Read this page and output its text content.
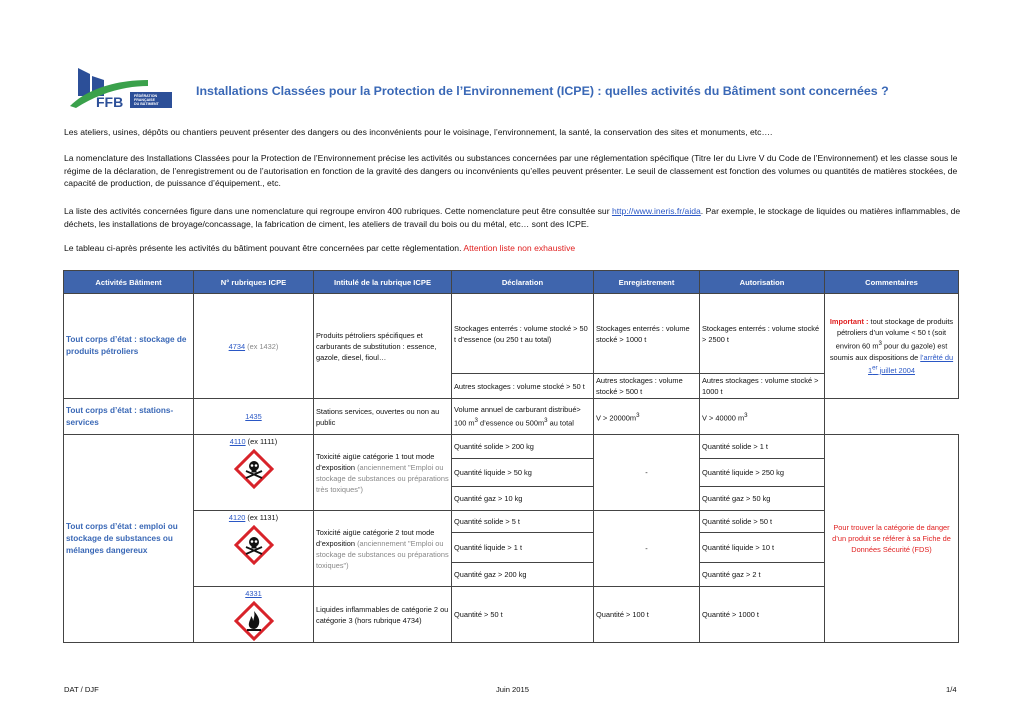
FFB	FÉDÉRATION
FRANÇAISE
DU BÂTIMENT
Installations Classées pour la Protection de l’Environnement (ICPE) : quelles activités du Bâtiment sont concernées ?
Les ateliers, usines, dépôts ou chantiers peuvent présenter des dangers ou des inconvénients pour le voisinage, l’environnement, la santé, la conservation des sites et monuments, etc….
La nomenclature des Installations Classées pour la Protection de l’Environnement précise les activités ou substances concernées par une réglementation spécifique (Titre Ier du Livre V du Code de l’Environnement) et les classe sous le régime de la déclaration, de l’enregistrement ou de l’autorisation en fonction de la gravité des dangers ou inconvénients qu’elles peuvent présenter. Le seuil de classement est fonction des volumes ou quantités de matières stockées, de capacité de production, de puissance d’équipement., etc.
La liste des activités concernées figure dans une nomenclature qui regroupe environ 400 rubriques. Cette nomenclature peut être consultée sur http://www.ineris.fr/aida. Par exemple, le stockage de liquides ou matières inflammables, de déchets, les installations de broyage/concassage, la fabrication de ciment, les ateliers de travail du bois ou du métal, etc… sont des ICPE.
Le tableau ci-après présente les activités du bâtiment pouvant être concernées par cette règlementation. Attention liste non exhaustive
Activités Bâtiment	N° rubriques ICPE	Intitulé de la rubrique ICPE	Déclaration	Enregistrement	Autorisation	Commentaires
Tout corps d’état : stockage de produits pétroliers	4734 (ex 1432)	Produits pétroliers spécifiques et carburants de substitution : essence, gazole, diesel, fioul…	Stockages enterrés : volume stocké > 50 t d’essence (ou 250 t au total)	Stockages enterrés : volume stocké > 1000 t	Stockages enterrés : volume stocké > 2500 t	Important : tout stockage de produits pétroliers d’un volume < 50 t (soit environ 60 $m^3$ pour du gazole) est soumis aux dispositions de l’arrêté du 1er juillet 2004
			Autres stockages : volume stocké > 50 t	Autres stockages : volume stocké > 500 t	Autres stockages : volume stocké > 1000 t	
Tout corps d’état : stations-services	1435	Stations services, ouvertes ou non au public	Volume annuel de carburant distribué> 100 $m^3$ d’essence ou $500m^3$ au total	$V > 20000m^3$	V > 40000 $m^3$
Tout corps d’état : emploi ou stockage de substances ou mélanges dangereux	4110 (ex 1111)	Toxicité aigüe catégorie 1 tout mode d’exposition (anciennement "Emploi ou stockage de substances ou préparations très toxiques")	Quantité solide > 200 kg	-	Quantité solide > 1 t	Pour trouver la catégorie de danger d’un produit se référer à sa Fiche de Données Sécurité (FDS)
			Quantité liquide > 50 kg		Quantité liquide > 250 kg	
			Quantité gaz > 10 kg		Quantité gaz > 50 kg	
	4120 (ex 1131)	Toxicité aigüe catégorie 2 tout mode d’exposition (anciennement "Emploi ou stockage de substances ou préparations toxiques")	Quantité solide > 5 t	-	Quantité solide > 50 t	
			Quantité liquide > 1 t		Quantité liquide > 10 t	
			Quantité gaz > 200 kg		Quantité gaz > 2 t	
	4331	Liquides inflammables de catégorie 2 ou catégorie 3 (hors rubrique 4734)	Quantité > 50 t	Quantité > 100 t	Quantité > 1000 t	
DAT / DJF	Juin 2015	1/4
